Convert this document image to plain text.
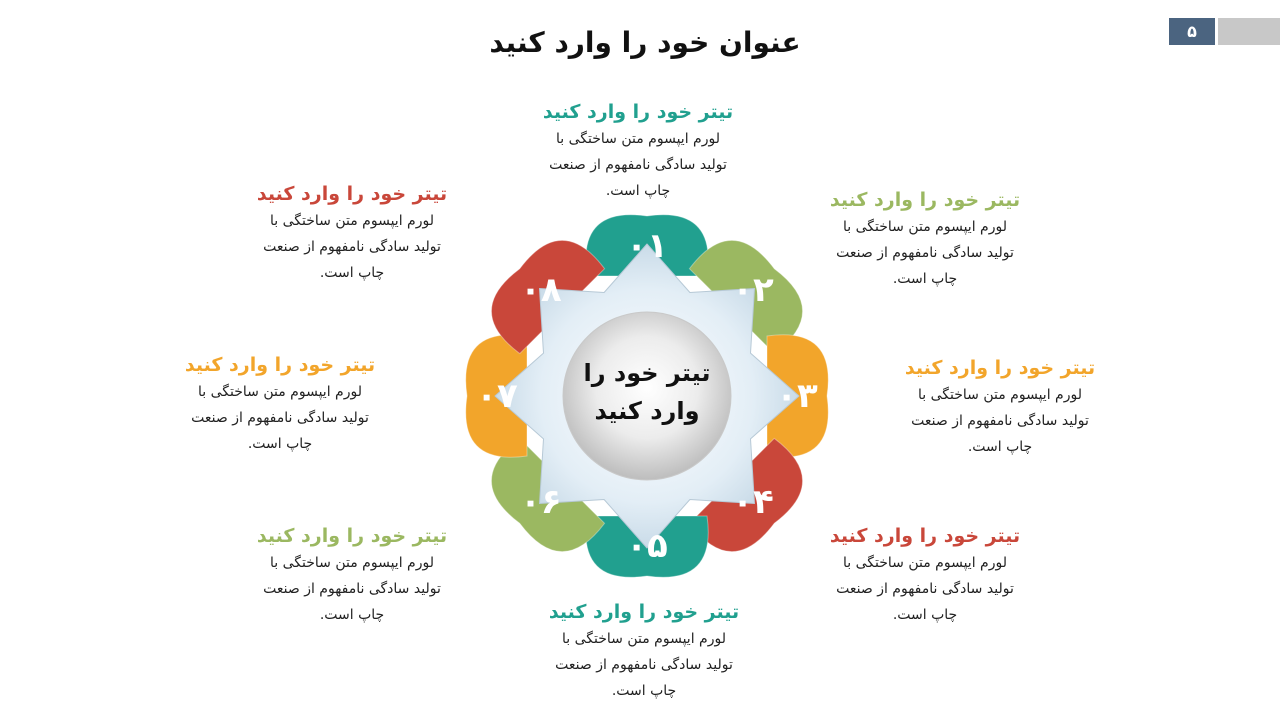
عنوان خود را وارد کنید	۵
۰۱
۰۲
۰۳
۰۴
۰۵
۰۶
۰۷
۰۸
تیتر خود را
وارد کنید
تیتر خود را وارد کنید
لورم ایپسوم متن ساختگی با
تولید سادگی نامفهوم از صنعت
چاپ است.	تیتر خود را وارد کنید
لورم ایپسوم متن ساختگی با
تولید سادگی نامفهوم از صنعت
چاپ است.
تیتر خود را وارد کنید
لورم ایپسوم متن ساختگی با
تولید سادگی نامفهوم از صنعت
چاپ است.
تیتر خود را وارد کنید
لورم ایپسوم متن ساختگی با
تولید سادگی نامفهوم از صنعت
چاپ است.
تیتر خود را وارد کنید
لورم ایپسوم متن ساختگی با
تولید سادگی نامفهوم از صنعت
چاپ است.
تیتر خود را وارد کنید
لورم ایپسوم متن ساختگی با
تولید سادگی نامفهوم از صنعت
چاپ است.
تیتر خود را وارد کنید
لورم ایپسوم متن ساختگی با
تولید سادگی نامفهوم از صنعت
چاپ است.
تیتر خود را وارد کنید
لورم ایپسوم متن ساختگی با
تولید سادگی نامفهوم از صنعت
چاپ است.
